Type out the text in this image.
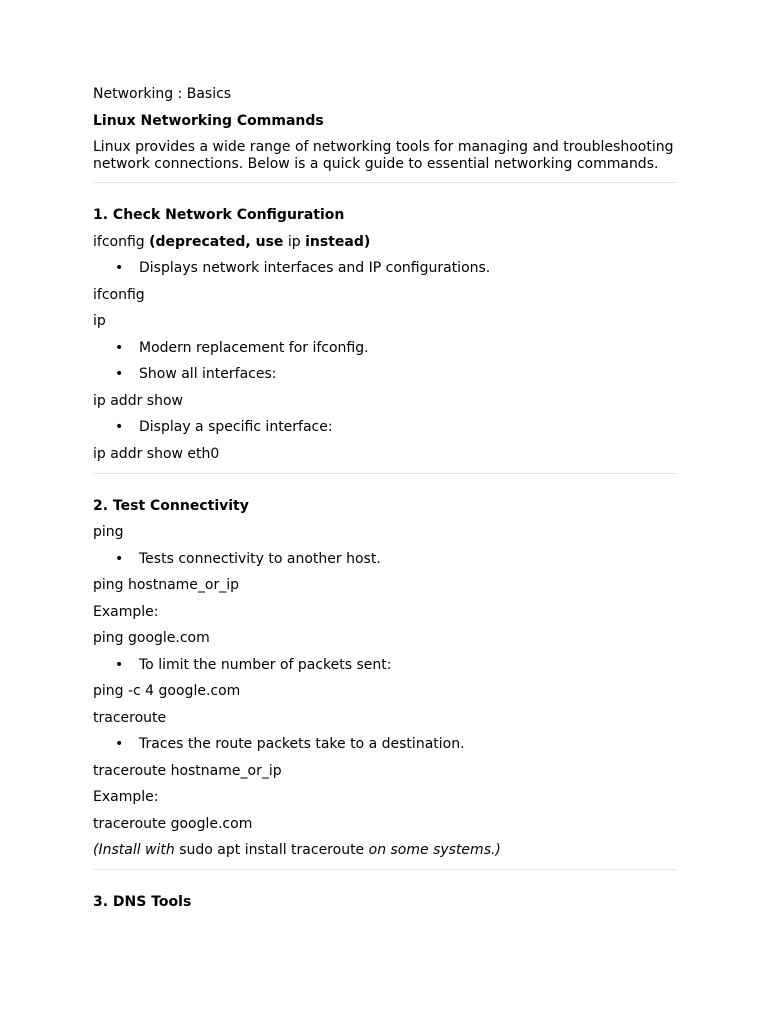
Networking : Basics
Linux Networking Commands
Linux provides a wide range of networking tools for managing and troubleshooting network connections. Below is a quick guide to essential networking commands.
1. Check Network Configuration
ifconfig (deprecated, use ip instead)
• Displays network interfaces and IP configurations.
ifconfig
ip
• Modern replacement for ifconfig.
• Show all interfaces:
ip addr show
• Display a specific interface:
ip addr show eth0
2. Test Connectivity
ping
• Tests connectivity to another host.
ping hostname_or_ip
Example:
ping google.com
• To limit the number of packets sent:
ping -c 4 google.com
traceroute
• Traces the route packets take to a destination.
traceroute hostname_or_ip
Example:
traceroute google.com
(Install with sudo apt install traceroute on some systems.)
3. DNS Tools
